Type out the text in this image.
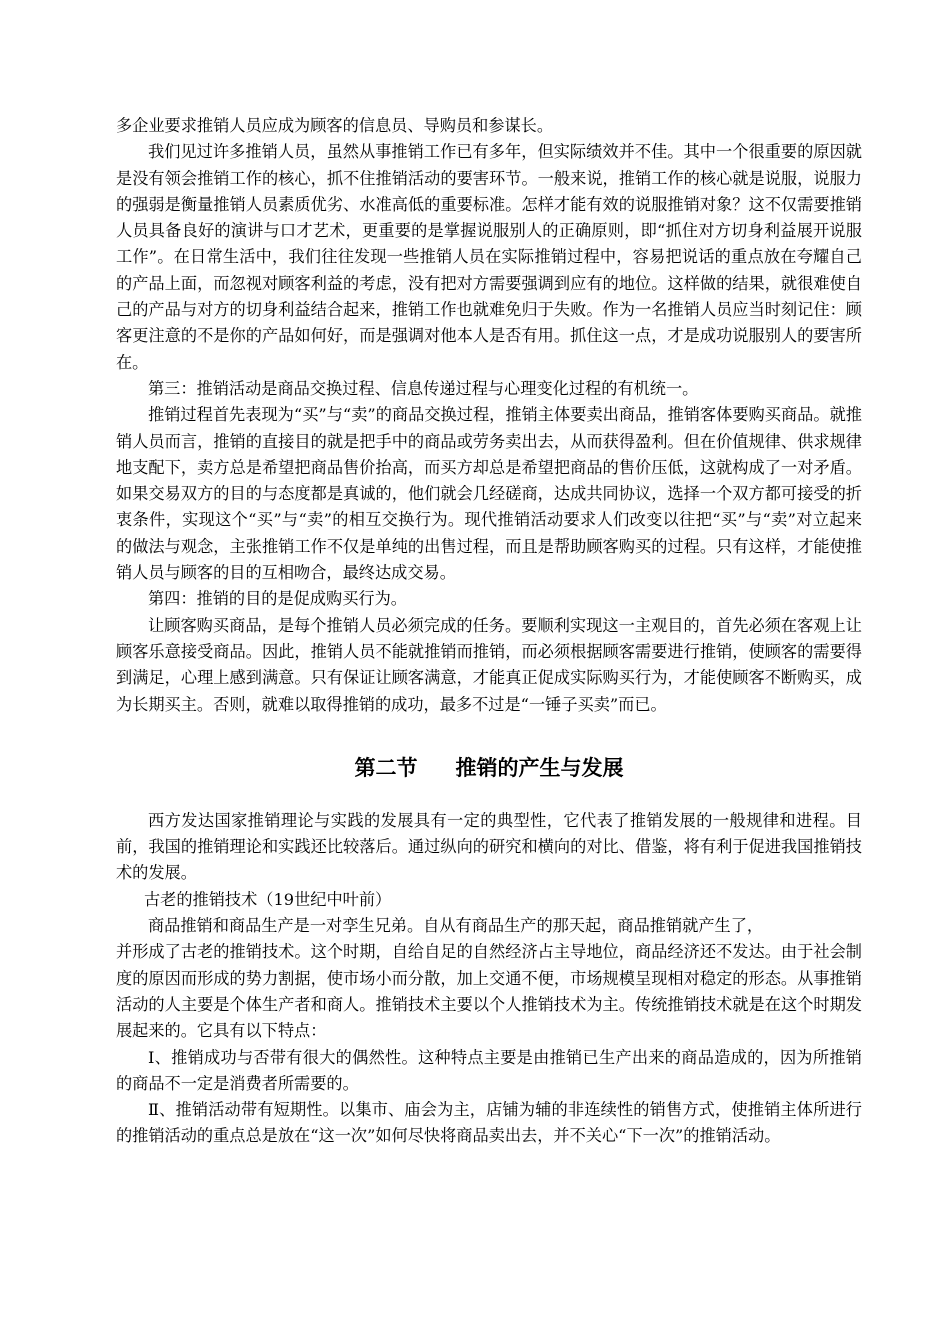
多企业要求推销人员应成为顾客的信息员、导购员和参谋长。

我们见过许多推销人员，虽然从事推销工作已有多年，但实际绩效并不佳。其中一个很重要的原因就是没有领会推销工作的核心，抓不住推销活动的要害环节。一般来说，推销工作的核心就是说服，说服力的强弱是衡量推销人员素质优劣、水准高低的重要标准。怎样才能有效的说服推销对象？这不仅需要推销人员具备良好的演讲与口才艺术，更重要的是掌握说服别人的正确原则，即“抓住对方切身利益展开说服工作”。在日常生活中，我们往往发现一些推销人员在实际推销过程中，容易把说话的重点放在夸耀自己的产品上面，而忽视对顾客利益的考虑，没有把对方需要强调到应有的地位。这样做的结果，就很难使自己的产品与对方的切身利益结合起来，推销工作也就难免归于失败。作为一名推销人员应当时刻记住：顾客更注意的不是你的产品如何好，而是强调对他本人是否有用。抓住这一点，才是成功说服别人的要害所在。

第三：推销活动是商品交换过程、信息传递过程与心理变化过程的有机统一。

推销过程首先表现为“买”与“卖”的商品交换过程，推销主体要卖出商品，推销客体要购买商品。就推销人员而言，推销的直接目的就是把手中的商品或劳务卖出去，从而获得盈利。但在价值规律、供求规律地支配下，卖方总是希望把商品售价抬高，而买方却总是希望把商品的售价压低，这就构成了一对矛盾。如果交易双方的目的与态度都是真诚的，他们就会几经磋商，达成共同协议，选择一个双方都可接受的折衷条件，实现这个“买”与“卖”的相互交换行为。现代推销活动要求人们改变以往把“买”与“卖”对立起来的做法与观念，主张推销工作不仅是单纯的出售过程，而且是帮助顾客购买的过程。只有这样，才能使推销人员与顾客的目的互相吻合，最终达成交易。

第四：推销的目的是促成购买行为。

让顾客购买商品，是每个推销人员必须完成的任务。要顺利实现这一主观目的，首先必须在客观上让顾客乐意接受商品。因此，推销人员不能就推销而推销，而必须根据顾客需要进行推销，使顾客的需要得到满足，心理上感到满意。只有保证让顾客满意，才能真正促成实际购买行为，才能使顾客不断购买，成为长期买主。否则，就难以取得推销的成功，最多不过是“一锤子买卖”而已。

第二节 推销的产生与发展

西方发达国家推销理论与实践的发展具有一定的典型性，它代表了推销发展的一般规律和进程。目前，我国的推销理论和实践还比较落后。通过纵向的研究和横向的对比、借鉴，将有利于促进我国推销技术的发展。

古老的推销技术（19世纪中叶前）

商品推销和商品生产是一对孪生兄弟。自从有商品生产的那天起，商品推销就产生了，

并形成了古老的推销技术。这个时期，自给自足的自然经济占主导地位，商品经济还不发达。由于社会制度的原因而形成的势力割据，使市场小而分散，加上交通不便，市场规模呈现相对稳定的形态。从事推销活动的人主要是个体生产者和商人。推销技术主要以个人推销技术为主。传统推销技术就是在这个时期发展起来的。它具有以下特点：

Ⅰ、推销成功与否带有很大的偶然性。这种特点主要是由推销已生产出来的商品造成的，因为所推销的商品不一定是消费者所需要的。

Ⅱ、推销活动带有短期性。以集市、庙会为主，店铺为辅的非连续性的销售方式，使推销主体所进行的推销活动的重点总是放在“这一次”如何尽快将商品卖出去，并不关心“下一次”的推销活动。
